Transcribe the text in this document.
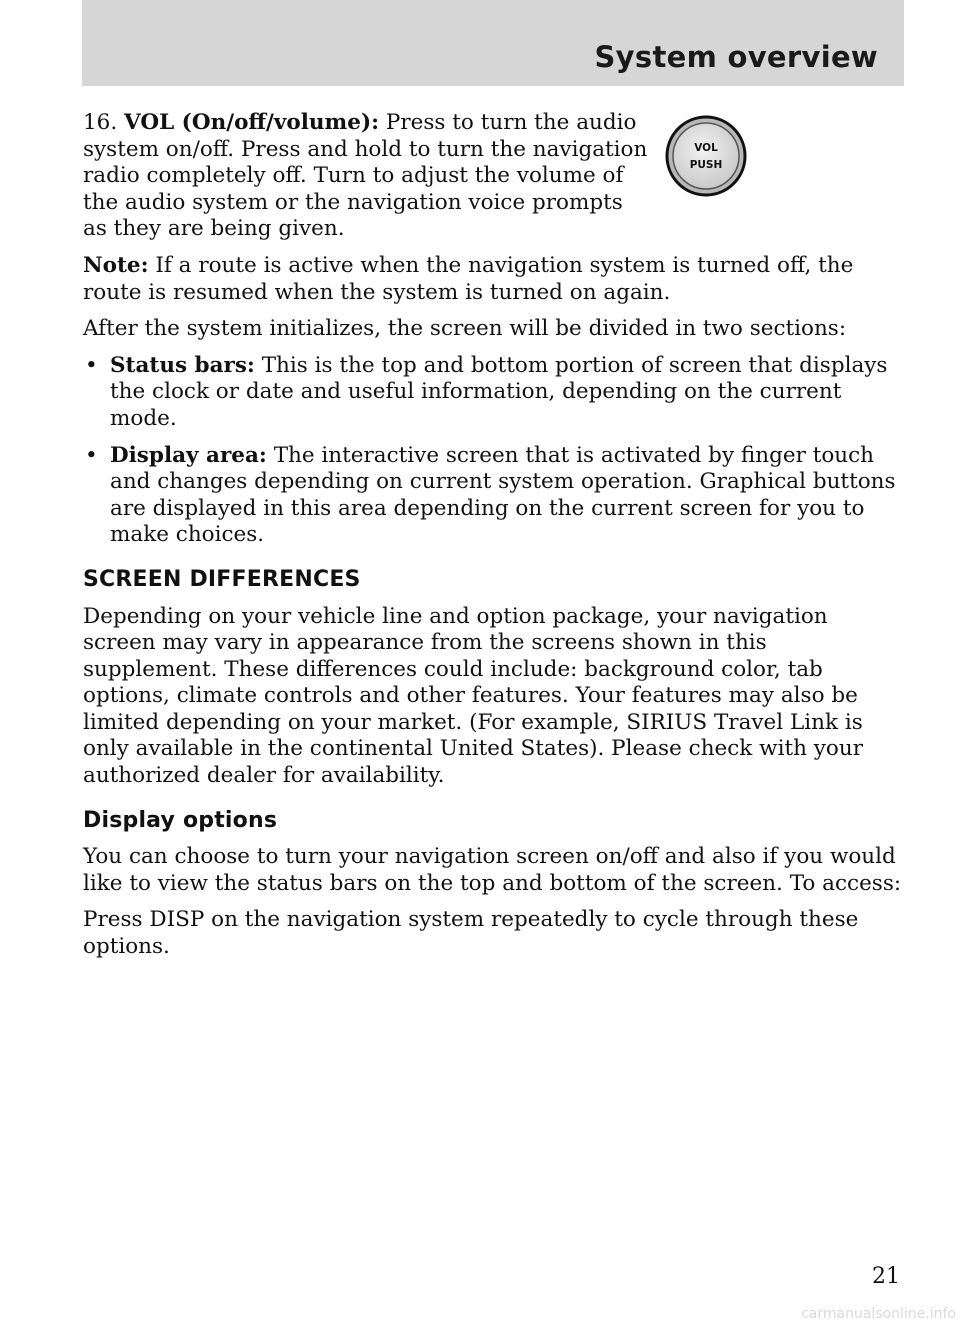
System overview
VOL
PUSH

16. VOL (On/off/volume): Press to turn the audio system on/off. Press and hold to turn the navigation radio completely off. Turn to adjust the volume of the audio system or the navigation voice prompts as they are being given.

Note: If a route is active when the navigation system is turned off, the route is resumed when the system is turned on again.

After the system initializes, the screen will be divided in two sections:

• Status bars: This is the top and bottom portion of screen that displays the clock or date and useful information, depending on the current mode.
• Display area: The interactive screen that is activated by finger touch and changes depending on current system operation. Graphical buttons are displayed in this area depending on the current screen for you to make choices.
SCREEN DIFFERENCES

Depending on your vehicle line and option package, your navigation screen may vary in appearance from the screens shown in this supplement. These differences could include: background color, tab options, climate controls and other features. Your features may also be limited depending on your market. (For example, SIRIUS Travel Link is only available in the continental United States). Please check with your authorized dealer for availability.

Display options

You can choose to turn your navigation screen on/off and also if you would like to view the status bars on the top and bottom of the screen. To access:

Press DISP on the navigation system repeatedly to cycle through these options.

21
carmanualsonline.info
